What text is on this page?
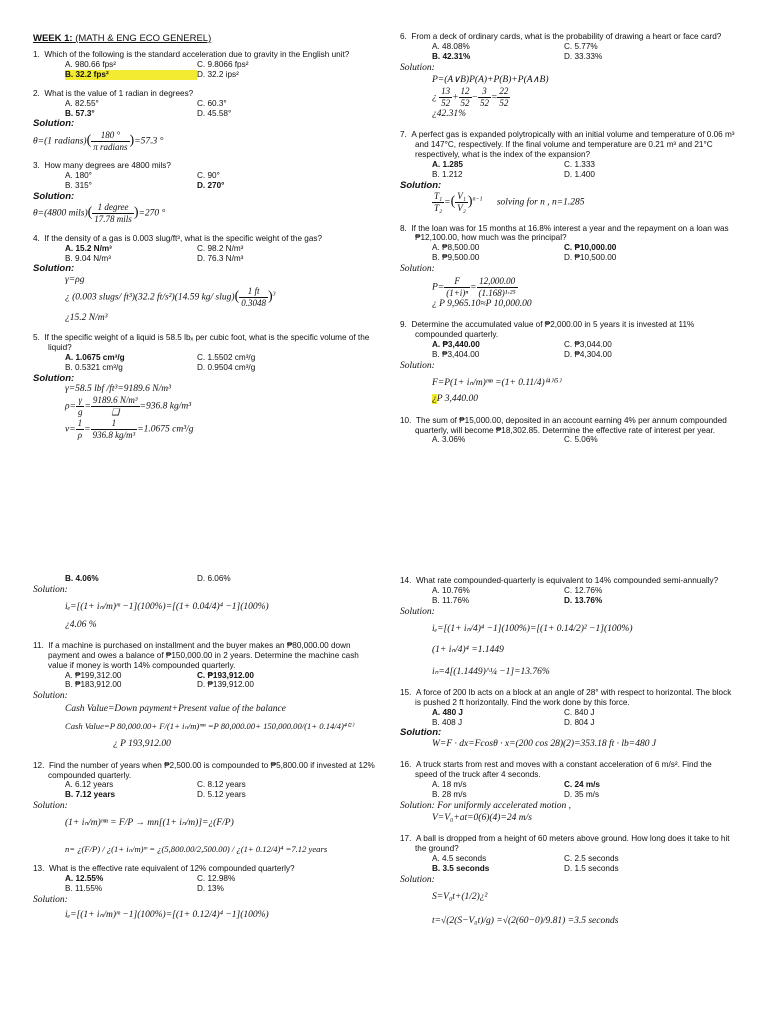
WEEK 1: (MATH & ENG ECO GENEREL)

1. Which of the following is the standard acceleration due to gravity in the English unit?

A. 980.66 fps²	C. 9.8066 fps²
B. 32.2 fps²	D. 32.2 ips²

2. What is the value of 1 radian in degrees?

A. 82.55°	C. 60.3°
B. 57.3°	D. 45.58°
Solution:
θ=(1 radians)( $\frac{180 ^\circ}{\text{π radians}} )=57.3$ °

3. How many degrees are 4800 mils?

A. 180°	C. 90°
B. 315°	D. 270°
Solution:
θ=(4800 mils)( $\frac{\text{1 degree}}{\text{17.78 mils}} )=270$ °

4. If the density of a gas is 0.003 slug/ft³, what is the specific weight of the gas?

A. 15.2 N/m³	C. 98.2 N/m³
B. 9.04 N/m³	D. 76.3 N/m³
Solution:
γ=ρg
¿ (0.003 slugs/ ft³)(32.2 ft/s²)(14.59 kg/ slug)( $\frac{1 ft}{0.3048} )^3$
¿15.2 N/m³

5. If the specific weight of a liquid is 58.5 lbₓ per cubic foot, what is the specific volume of the liquid?

A. 1.0675 cm³/g	C. 1.5502 cm³/g
B. 0.5321 cm³/g	D. 0.9504 cm³/g
Solution:
γ=58.5 lbf /ft³=9189.6 N/m³
$\rho= \frac{\gamma}{g} = \frac{\text{9189.6 N/m³}}{❑} =936.8$ kg/m³
$v= \frac{1}{\rho} = \frac{1}{\text{936.8 kg/m³}} =1.0675$ cm³/g

6. From a deck of ordinary cards, what is the probability of drawing a heart or face card?

A. 48.08%	C. 5.77%
B. 42.31%	D. 33.33%
Solution:
P=(A∨B)P(A)+P(B)+P(A∧B)
¿ $\frac{13}{52} + \frac{12}{52} - \frac{3}{52} = \frac{22}{52}$
¿42.31%

7. A perfect gas is expanded polytropically with an initial volume and temperature of 0.06 m³ and 147°C, respectively. If the final volume and temperature are 0.21 m³ and 21°C respectively, what is the index of the expansion?

A. 1.285	C. 1.333
B. 1.212	D. 1.400
Solution:
$\frac{\text{T₁}}{\text{T₂}}$ =( $\frac{\text{V₁}}{\text{V₂}} )^{n-1}$ solving for n , n=1.285

8. If the loan was for 15 months at 16.8% interest a year and the repayment on a loan was ₱12,100.00, how much was the principal?

A. ₱8,500.00	C. ₱10,000.00
B. ₱9,500.00	D. ₱10,500.00
Solution:
$P= \frac{F}{\text{(1+i)ⁿ}} = \frac{12,000.00}{\text{(1.168)¹·²⁵}}$
¿ P 9,965.10≈P 10,000.00

9. Determine the accumulated value of ₱2,000.00 in 5 years it is invested at 11% compounded quarterly.

A. ₱3,440.00	C. ₱3,044.00
B. ₱3,404.00	D. ₱4,304.00
Solution:
F=P(1+ iₙ/m)ᵐⁿ =(1+ 0.11/4)⁽⁴⁾⁽⁵⁾
¿P 3,440.00

10. The sum of ₱15,000.00, deposited in an account earning 4% per annum compounded quarterly, will become ₱18,302.85. Determine the effective rate of interest per year.

A. 3.06%	C. 5.06%
B. 4.06%	D. 6.06%
Solution:
iₑ=[(1+ iₙ/m)ᵐ −1](100%)=[(1+ 0.04/4)⁴ −1](100%)
¿4.06 %

11. If a machine is purchased on installment and the buyer makes an ₱80,000.00 down payment and owes a balance of ₱150,000.00 in 2 years. Determine the machine cash value if money is worth 14% compounded quarterly.

A. ₱199,312.00	C. ₱193,912.00
B. ₱183,912.00	D. ₱139,912.00
Solution:
Cash Value=Down payment+Present value of the balance
Cash Value=P 80,000.00+ F/(1+ iₙ/m)ᵐⁿ =P 80,000.00+ 150,000.00/(1+ 0.14/4)⁴⁽²⁾
¿ P 193,912.00

12. Find the number of years when ₱2,500.00 is compounded to ₱5,800.00 if invested at 12% compounded quarterly.

A. 6.12 years	C. 8.12 years
B. 7.12 years	D. 5.12 years
Solution:
(1+ iₙ/m)ᵐⁿ = F/P → mn[(1+ iₙ/m)]=¿(F/P)
n= ¿(F/P) / ¿(1+ iₙ/m)ᵐ = ¿(5,800.00/2,500.00) / ¿(1+ 0.12/4)⁴ =7.12 years

13. What is the effective rate equivalent of 12% compounded quarterly?

A. 12.55%	C. 12.98%
B. 11.55%	D. 13%
Solution:
iₑ=[(1+ iₙ/m)ᵐ −1](100%)=[(1+ 0.12/4)⁴ −1](100%)

14. What rate compounded-quarterly is equivalent to 14% compounded semi-annually?

A. 10.76%	C. 12.76%
B. 11.76%	D. 13.76%
Solution:
iₑ=[(1+ iₙ/4)⁴ −1](100%)=[(1+ 0.14/2)² −1](100%)
(1+ iₙ/4)⁴ =1.1449
iₙ=4[(1.1449)^¼ −1]=13.76%

15. A force of 200 lb acts on a block at an angle of 28° with respect to horizontal. The block is pushed 2 ft horizontally. Find the work done by this force.

A. 480 J	C. 840 J
B. 408 J	D. 804 J
Solution:
W=F · dx=Fcosθ · x=(200 cos 28)(2)=353.18 ft · lb=480 J

16. A truck starts from rest and moves with a constant acceleration of 6 m/s². Find the speed of the truck after 4 seconds.

A. 18 m/s	C. 24 m/s
B. 28 m/s	D. 35 m/s
Solution: For uniformly accelerated motion ,
V=V₀+at=0(6)(4)=24 m/s

17. A ball is dropped from a height of 60 meters above ground. How long does it take to hit the ground?

A. 4.5 seconds	C. 2.5 seconds
B. 3.5 seconds	D. 1.5 seconds
Solution:
S=V₀t+(1/2)¿²
t=√(2(S−V₀t)/g) =√(2(60−0)/9.81) =3.5 seconds
